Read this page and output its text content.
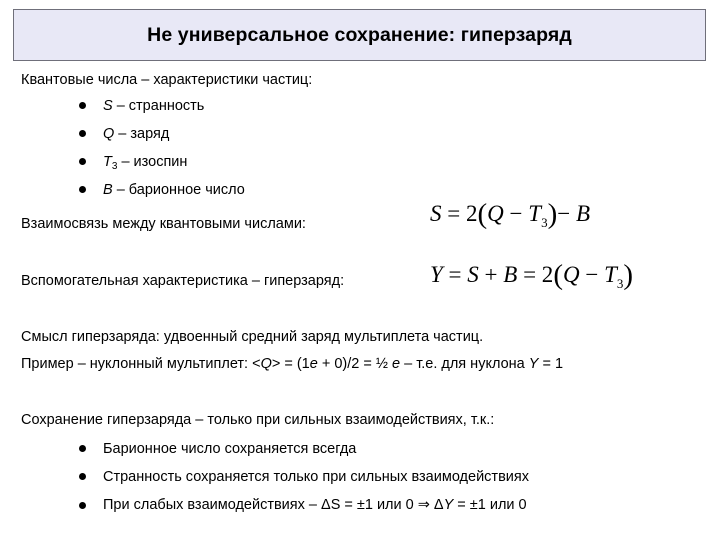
Не универсальное сохранение: гиперзаряд
Квантовые числа – характеристики частиц:
S – странность
Q – заряд
$T_3$ – изоспин
B – барионное число
Взаимосвязь между квантовыми числами:	$S = 2(Q - T_3)- B$
Вспомогательная характеристика – гиперзаряд:	$Y = S + B = 2(Q - T_3)$
Смысл гиперзаряда: удвоенный средний заряд мультиплета частиц.
Пример – нуклонный мультиплет: <Q> = (1e + 0)/2 = ½ e – т.е. для нуклона Y = 1
Сохранение гиперзаряда – только при сильных взаимодействиях, т.к.:
Барионное число сохраняется всегда
Странность сохраняется только при сильных взаимодействиях
При слабых взаимодействиях – ΔS = ±1 или 0 ⇒ ΔY = ±1 или 0
